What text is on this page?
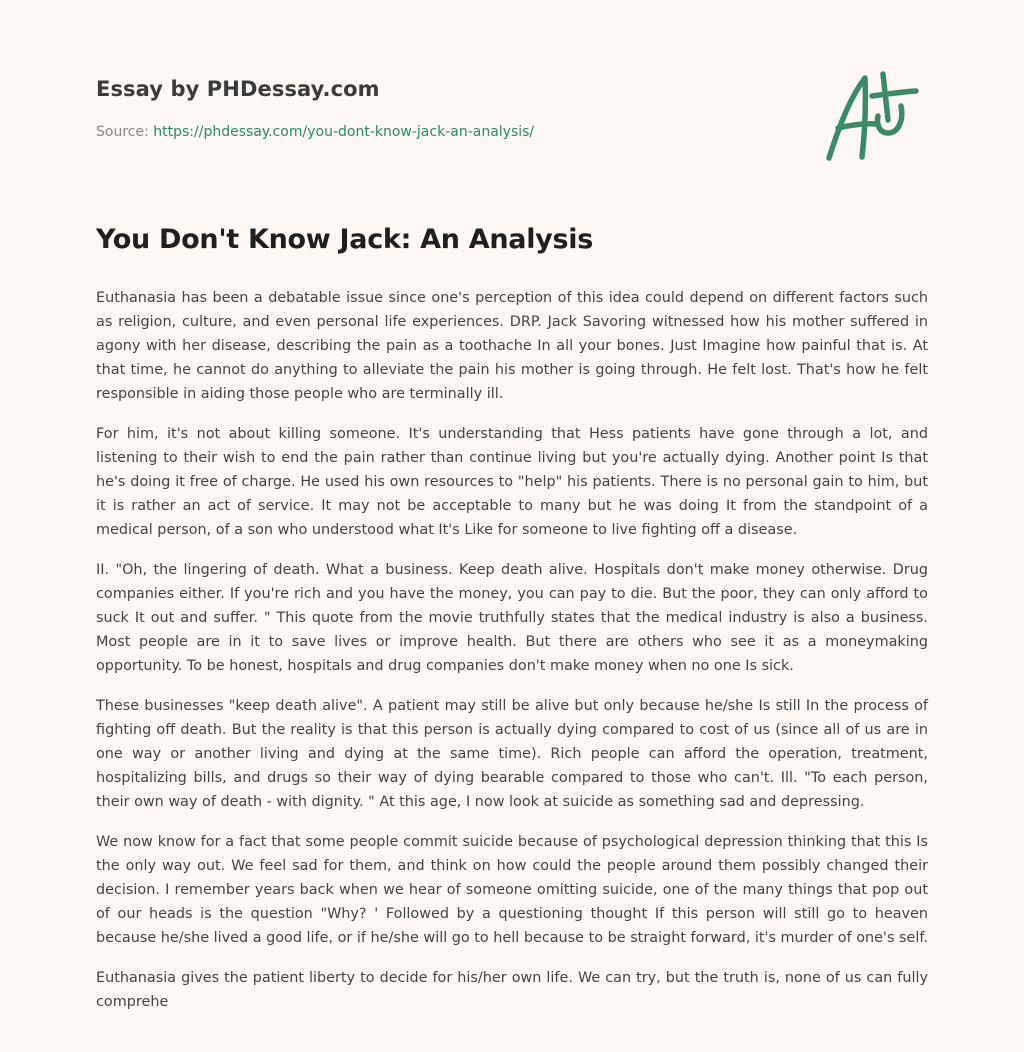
Essay by PHDessay.com
Source: https://phdessay.com/you-dont-know-jack-an-analysis/
You Don't Know Jack: An Analysis

Euthanasia has been a debatable issue since one's perception of this idea could depend on different factors such as religion, culture, and even personal life experiences. DRP. Jack Savoring witnessed how his mother suffered in agony with her disease, describing the pain as a toothache In all your bones. Just Imagine how painful that is. At that time, he cannot do anything to alleviate the pain his mother is going through. He felt lost. That's how he felt responsible in aiding those people who are terminally ill.

For him, it's not about killing someone. It's understanding that Hess patients have gone through a lot, and listening to their wish to end the pain rather than continue living but you're actually dying. Another point Is that he's doing it free of charge. He used his own resources to "help" his patients. There is no personal gain to him, but it is rather an act of service. It may not be acceptable to many but he was doing It from the standpoint of a medical person, of a son who understood what It's Like for someone to live fighting off a disease.

II. "Oh, the lingering of death. What a business. Keep death alive. Hospitals don't make money otherwise. Drug companies either. If you're rich and you have the money, you can pay to die. But the poor, they can only afford to suck It out and suffer. " This quote from the movie truthfully states that the medical industry is also a business. Most people are in it to save lives or improve health. But there are others who see it as a moneymaking opportunity. To be honest, hospitals and drug companies don't make money when no one Is sick.

These businesses "keep death alive". A patient may still be alive but only because he/she Is still In the process of fighting off death. But the reality is that this person is actually dying compared to cost of us (since all of us are in one way or another living and dying at the same time). Rich people can afford the operation, treatment, hospitalizing bills, and drugs so their way of dying bearable compared to those who can't. Ill. "To each person, their own way of death - with dignity. " At this age, I now look at suicide as something sad and depressing.

We now know for a fact that some people commit suicide because of psychological depression thinking that this Is the only way out. We feel sad for them, and think on how could the people around them possibly changed their decision. I remember years back when we hear of someone omitting suicide, one of the many things that pop out of our heads is the question "Why? ' Followed by a questioning thought If this person will still go to heaven because he/she lived a good life, or if he/she will go to hell because to be straight forward, it's murder of one's self.

Euthanasia gives the patient liberty to decide for his/her own life. We can try, but the truth is, none of us can fully comprehe
